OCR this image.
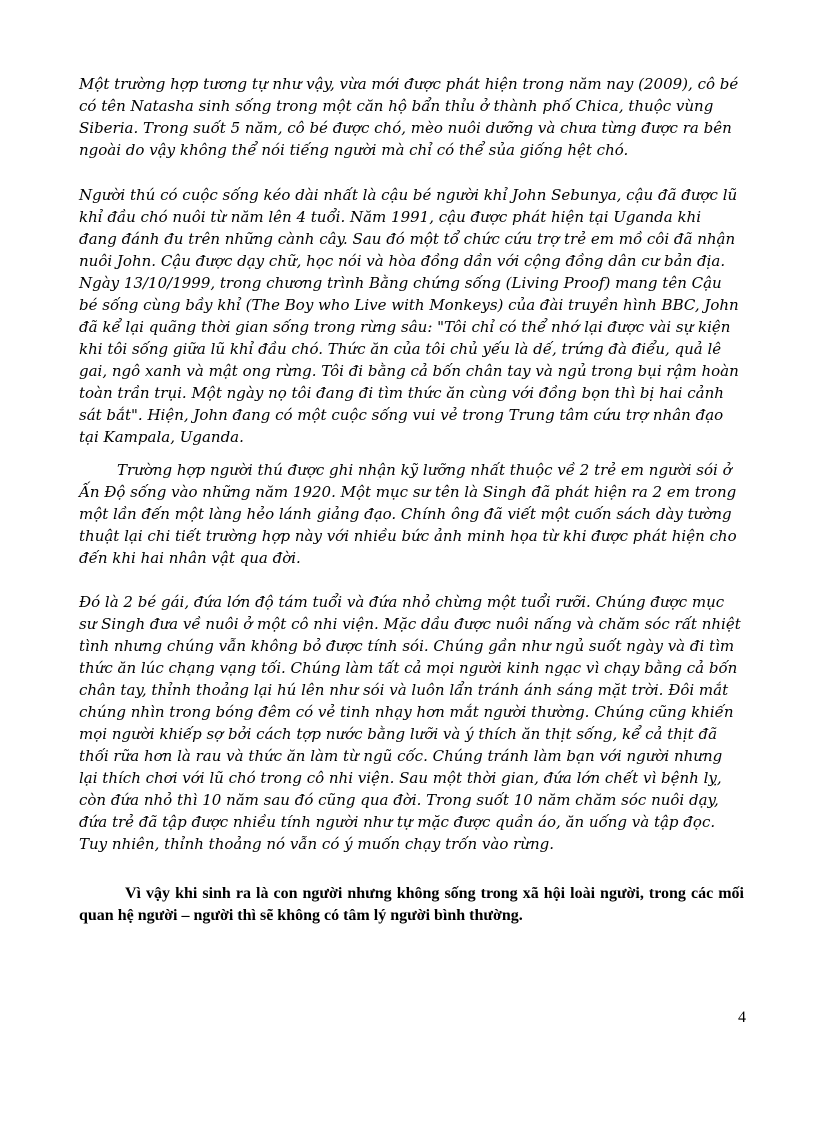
Một trường hợp tương tự như vậy, vừa mới được phát hiện trong năm nay (2009), cô bé có tên Natasha sinh sống trong một căn hộ bẩn thỉu ở thành phố Chica, thuộc vùng Siberia. Trong suốt 5 năm, cô bé được chó, mèo nuôi dưỡng và chưa từng được ra bên ngoài do vậy không thể nói tiếng người mà chỉ có thể sủa giống hệt chó.

Người thú có cuộc sống kéo dài nhất là cậu bé người khỉ John Sebunya, cậu đã được lũ khỉ đầu chó nuôi từ năm lên 4 tuổi. Năm 1991, cậu được phát hiện tại Uganda khi đang đánh đu trên những cành cây. Sau đó một tổ chức cứu trợ trẻ em mồ côi đã nhận nuôi John. Cậu được dạy chữ, học nói và hòa đồng dần với cộng đồng dân cư bản địa. Ngày 13/10/1999, trong chương trình Bằng chứng sống (Living Proof) mang tên Cậu bé sống cùng bầy khỉ (The Boy who Live with Monkeys) của đài truyền hình BBC, John đã kể lại quãng thời gian sống trong rừng sâu: "Tôi chỉ có thể nhớ lại được vài sự kiện khi tôi sống giữa lũ khỉ đầu chó. Thức ăn của tôi chủ yếu là dế, trứng đà điểu, quả lê gai, ngô xanh và mật ong rừng. Tôi đi bằng cả bốn chân tay và ngủ trong bụi rậm hoàn toàn trần trụi. Một ngày nọ tôi đang đi tìm thức ăn cùng với đồng bọn thì bị hai cảnh sát bắt". Hiện, John đang có một cuộc sống vui vẻ trong Trung tâm cứu trợ nhân đạo tại Kampala, Uganda.

Trường hợp người thú được ghi nhận kỹ lưỡng nhất thuộc về 2 trẻ em người sói ở Ấn Độ sống vào những năm 1920. Một mục sư tên là Singh đã phát hiện ra 2 em trong một lần đến một làng hẻo lánh giảng đạo. Chính ông đã viết một cuốn sách dày tường thuật lại chi tiết trường hợp này với nhiều bức ảnh minh họa từ khi được phát hiện cho đến khi hai nhân vật qua đời.

Đó là 2 bé gái, đứa lớn độ tám tuổi và đứa nhỏ chừng một tuổi rưỡi. Chúng được mục sư Singh đưa về nuôi ở một cô nhi viện. Mặc dầu được nuôi nấng và chăm sóc rất nhiệt tình nhưng chúng vẫn không bỏ được tính sói. Chúng gần như ngủ suốt ngày và đi tìm thức ăn lúc chạng vạng tối. Chúng làm tất cả mọi người kinh ngạc vì chạy bằng cả bốn chân tay, thỉnh thoảng lại hú lên như sói và luôn lẩn tránh ánh sáng mặt trời. Đôi mắt chúng nhìn trong bóng đêm có vẻ tinh nhạy hơn mắt người thường. Chúng cũng khiến mọi người khiếp sợ bởi cách tợp nước bằng lưỡi và ý thích ăn thịt sống, kể cả thịt đã thối rữa hơn là rau và thức ăn làm từ ngũ cốc. Chúng tránh làm bạn với người nhưng lại thích chơi với lũ chó trong cô nhi viện. Sau một thời gian, đứa lớn chết vì bệnh lỵ, còn đứa nhỏ thì 10 năm sau đó cũng qua đời. Trong suốt 10 năm chăm sóc nuôi dạy, đứa trẻ đã tập được nhiều tính người như tự mặc được quần áo, ăn uống và tập đọc. Tuy nhiên, thỉnh thoảng nó vẫn có ý muốn chạy trốn vào rừng.

Vì vậy khi sinh ra là con người nhưng không sống trong xã hội loài người, trong các mối quan hệ người – người thì sẽ không có tâm lý người bình thường.

4
